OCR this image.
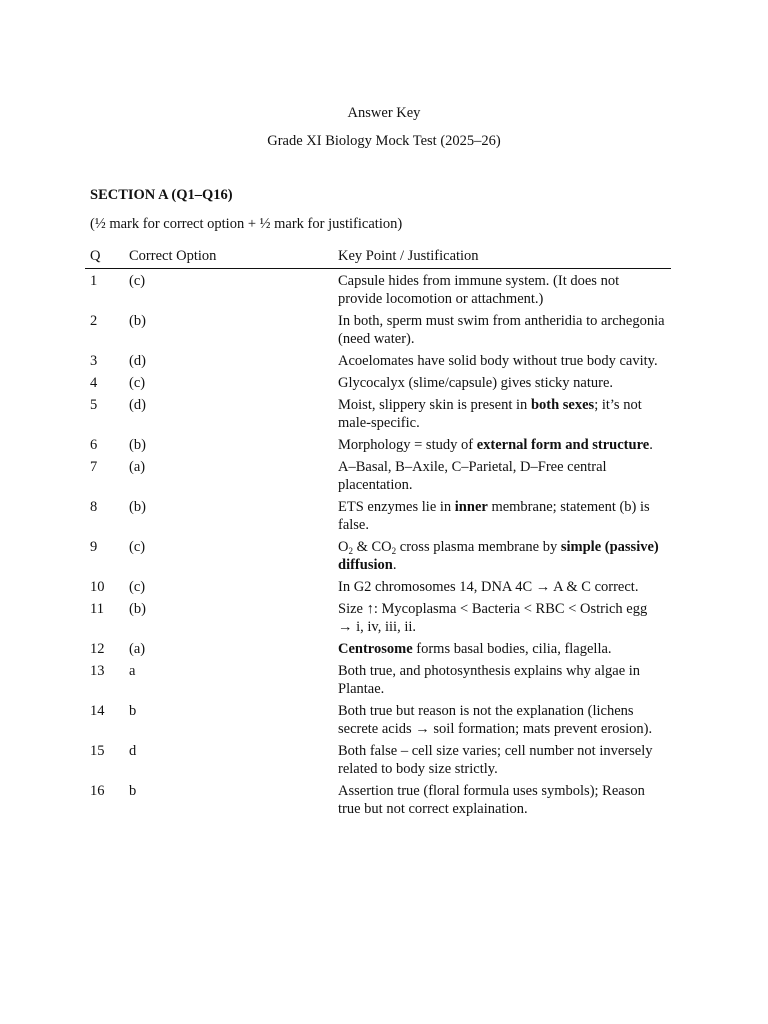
Answer Key
Grade XI Biology Mock Test (2025–26)
SECTION A (Q1–Q16)
(½ mark for correct option + ½ mark for justification)
Q	Correct Option	Key Point / Justification
1	(c)	Capsule hides from immune system. (It does not provide locomotion or attachment.)
2	(b)	In both, sperm must swim from antheridia to archegonia (need water).
3	(d)	Acoelomates have solid body without true body cavity.
4	(c)	Glycocalyx (slime/capsule) gives sticky nature.
5	(d)	Moist, slippery skin is present in both sexes; it’s not male-specific.
6	(b)	Morphology = study of external form and structure.
7	(a)	A–Basal, B–Axile, C–Parietal, D–Free central placentation.
8	(b)	ETS enzymes lie in inner membrane; statement (b) is false.
9	(c)	$O_2$ & $CO_2$ cross plasma membrane by simple (passive) diffusion.
10	(c)	In G2 chromosomes 14, DNA 4C → A & C correct.
11	(b)	Size ↑: Mycoplasma < Bacteria < RBC < Ostrich egg → i, iv, iii, ii.
12	(a)	Centrosome forms basal bodies, cilia, flagella.
13	a	Both true, and photosynthesis explains why algae in Plantae.
14	b	Both true but reason is not the explanation (lichens secrete acids → soil formation; mats prevent erosion).
15	d	Both false – cell size varies; cell number not inversely related to body size strictly.
16	b	Assertion true (floral formula uses symbols); Reason true but not correct explaination.
